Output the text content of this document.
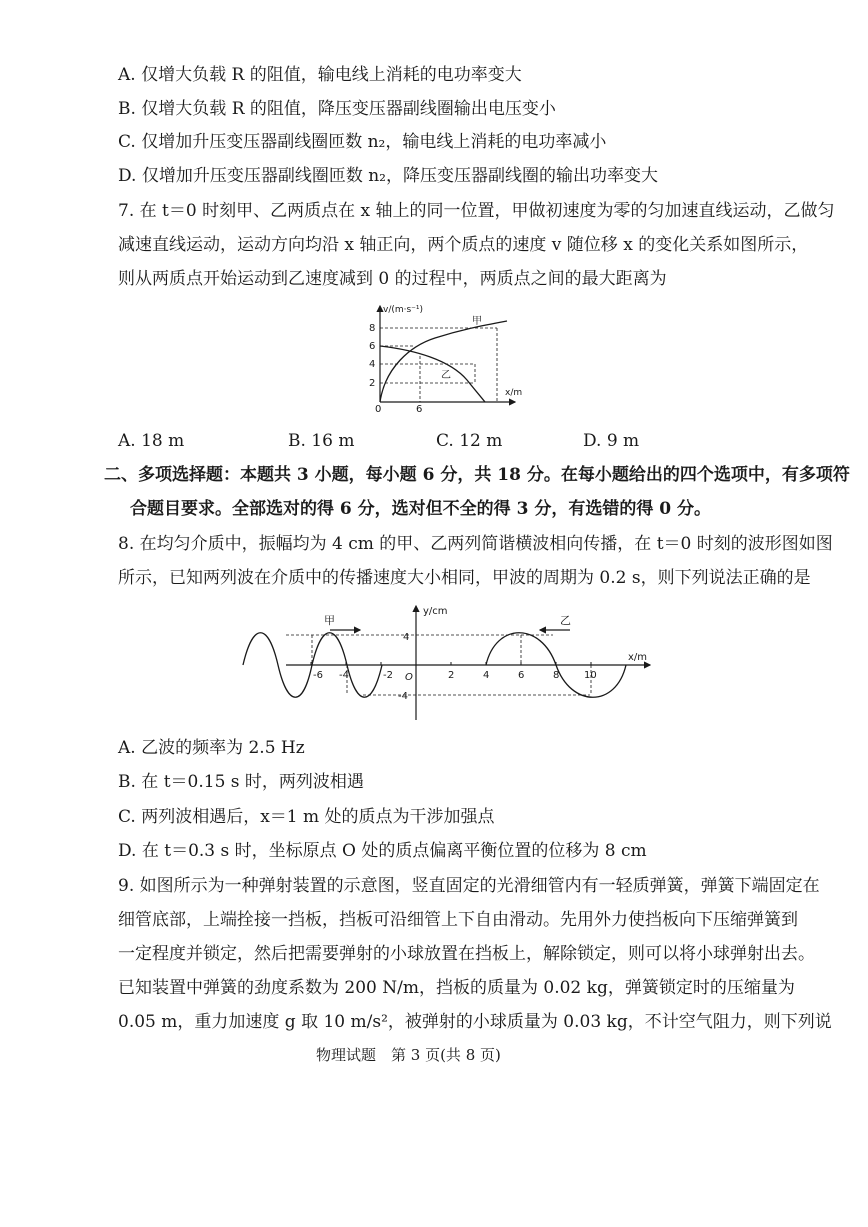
A. 仅增大负载 R 的阻值，输电线上消耗的电功率变大
B. 仅增大负载 R 的阻值，降压变压器副线圈输出电压变小
C. 仅增加升压变压器副线圈匝数 n₂，输电线上消耗的电功率减小
D. 仅增加升压变压器副线圈匝数 n₂，降压变压器副线圈的输出功率变大
7. 在 t＝0 时刻甲、乙两质点在 x 轴上的同一位置，甲做初速度为零的匀加速直线运动，乙做匀
减速直线运动，运动方向均沿 x 轴正向，两个质点的速度 v 随位移 x 的变化关系如图所示，
则从两质点开始运动到乙速度减到 0 的过程中，两质点之间的最大距离为
v/(m·s⁻¹)
x/m
8
6
4
2
0	6
甲
乙
A. 18 m	B. 16 m	C. 12 m	D. 9 m
二、多项选择题：本题共 3 小题，每小题 6 分，共 18 分。在每小题给出的四个选项中，有多项符
合题目要求。全部选对的得 6 分，选对但不全的得 3 分，有选错的得 0 分。
8. 在均匀介质中，振幅均为 4 cm 的甲、乙两列简谐横波相向传播，在 t＝0 时刻的波形图如图
所示，已知两列波在介质中的传播速度大小相同，甲波的周期为 0.2 s，则下列说法正确的是
甲	乙
y/cm
x/m
4
-4
O
-6 -4	-2	2	4	6	8 10
A. 乙波的频率为 2.5 Hz
B. 在 t＝0.15 s 时，两列波相遇
C. 两列波相遇后，x＝1 m 处的质点为干涉加强点
D. 在 t＝0.3 s 时，坐标原点 O 处的质点偏离平衡位置的位移为 8 cm
9. 如图所示为一种弹射装置的示意图，竖直固定的光滑细管内有一轻质弹簧，弹簧下端固定在
细管底部，上端拴接一挡板，挡板可沿细管上下自由滑动。先用外力使挡板向下压缩弹簧到
一定程度并锁定，然后把需要弹射的小球放置在挡板上，解除锁定，则可以将小球弹射出去。
已知装置中弹簧的劲度系数为 200 N/m，挡板的质量为 0.02 kg，弹簧锁定时的压缩量为
0.05 m，重力加速度 g 取 10 m/s²，被弹射的小球质量为 0.03 kg，不计空气阻力，则下列说
物理试题　第 3 页(共 8 页)
